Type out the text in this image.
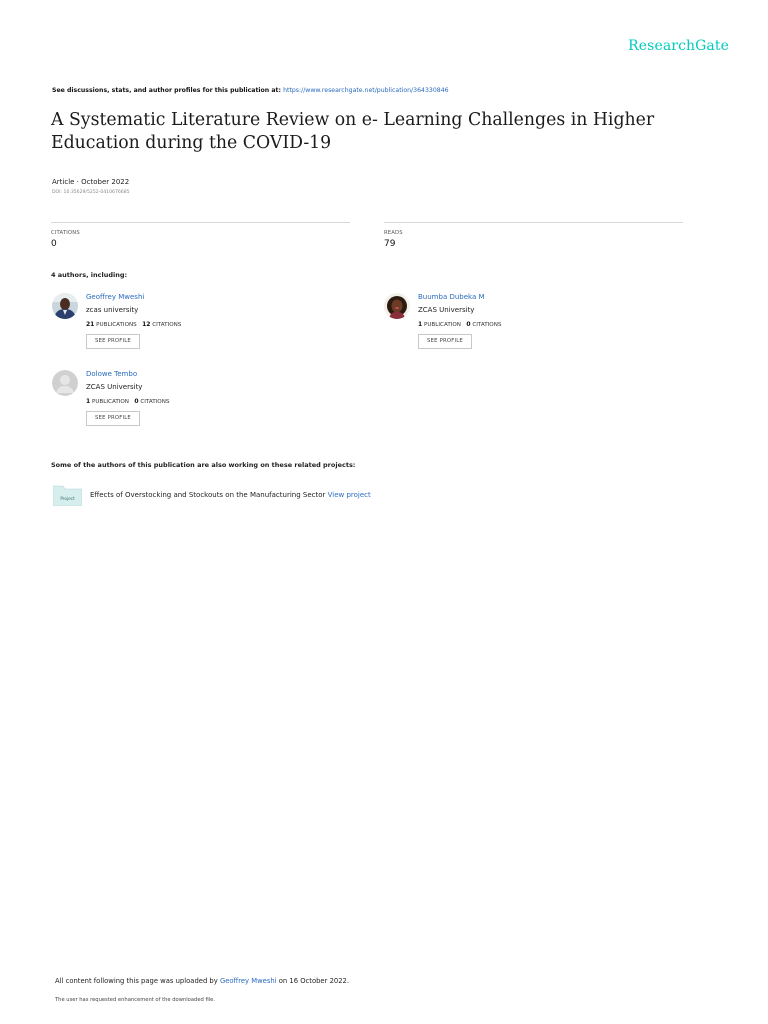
ResearchGate
See discussions, stats, and author profiles for this publication at: https://www.researchgate.net/publication/364330846
A Systematic Literature Review on e- Learning Challenges in Higher Education during the COVID-19
Article · October 2022
DOI: 10.35629/5252-0410676685
CITATIONS
0
READS
79
4 authors, including:
Geoffrey Mweshi
zcas university
21 PUBLICATIONS 12 CITATIONS
SEE PROFILE
Buumba Dubeka M
ZCAS University
1 PUBLICATION 0 CITATIONS
SEE PROFILE
Dolowe Tembo
ZCAS University
1 PUBLICATION 0 CITATIONS
SEE PROFILE
Some of the authors of this publication are also working on these related projects:
Project Effects of Overstocking and Stockouts on the Manufacturing Sector View project
All content following this page was uploaded by Geoffrey Mweshi on 16 October 2022.
The user has requested enhancement of the downloaded file.
